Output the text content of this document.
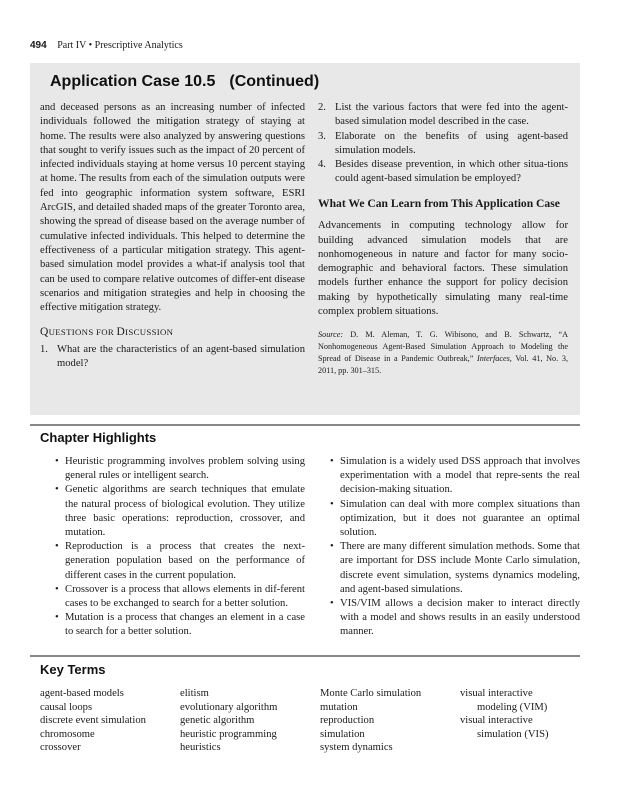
494 Part IV • Prescriptive Analytics
Application Case 10.5 (Continued)
and deceased persons as an increasing number of infected individuals followed the mitigation strategy of staying at home. The results were also analyzed by answering questions that sought to verify issues such as the impact of 20 percent of infected individuals staying at home versus 10 percent staying at home. The results from each of the simulation outputs were fed into geographic information system software, ESRI ArcGIS, and detailed shaded maps of the greater Toronto area, showing the spread of disease based on the average number of cumulative infected individuals. This helped to determine the effectiveness of a particular mitigation strategy. This agent-based simulation model provides a what-if analysis tool that can be used to compare relative outcomes of differ-ent disease scenarios and mitigation strategies and help in choosing the effective mitigation strategy.
QUESTIONS FOR DISCUSSION
1. What are the characteristics of an agent-based simulation model?
2. List the various factors that were fed into the agent-based simulation model described in the case.
3. Elaborate on the benefits of using agent-based simulation models.
4. Besides disease prevention, in which other situa-tions could agent-based simulation be employed?
What We Can Learn from This Application Case
Advancements in computing technology allow for building advanced simulation models that are nonhomogeneous in nature and factor for many socio-demographic and behavioral factors. These simulation models further enhance the support for policy decision making by hypothetically simulating many real-time complex problem situations.
Source: D. M. Aleman, T. G. Wibisono, and B. Schwartz, “A Nonhomogeneous Agent-Based Simulation Approach to Modeling the Spread of Disease in a Pandemic Outbreak,” Interfaces, Vol. 41, No. 3, 2011, pp. 301–315.
Chapter Highlights
• Heuristic programming involves problem solving using general rules or intelligent search.
• Genetic algorithms are search techniques that emulate the natural process of biological evolution. They utilize three basic operations: reproduction, crossover, and mutation.
• Reproduction is a process that creates the next-generation population based on the performance of different cases in the current population.
• Crossover is a process that allows elements in dif-ferent cases to be exchanged to search for a better solution.
• Mutation is a process that changes an element in a case to search for a better solution.
• Simulation is a widely used DSS approach that involves experimentation with a model that repre-sents the real decision-making situation.
• Simulation can deal with more complex situations than optimization, but it does not guarantee an optimal solution.
• There are many different simulation methods. Some that are important for DSS include Monte Carlo simulation, discrete event simulation, systems dynamics modeling, and agent-based simulations.
• VIS/VIM allows a decision maker to interact directly with a model and shows results in an easily understood manner.
Key Terms
agent-based models
causal loops
discrete event simulation
chromosome
crossover
elitism
evolutionary algorithm
genetic algorithm
heuristic programming
heuristics
Monte Carlo simulation
mutation
reproduction
simulation
system dynamics
visual interactive
modeling (VIM)
visual interactive
simulation (VIS)
